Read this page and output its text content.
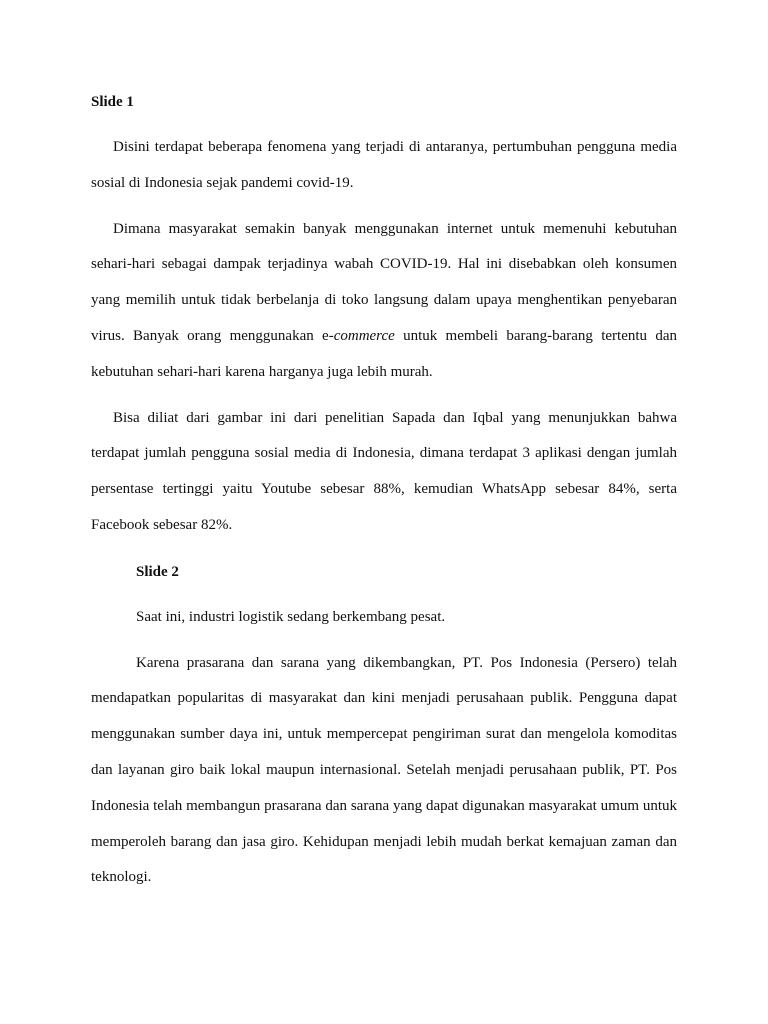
Slide 1

Disini terdapat beberapa fenomena yang terjadi di antaranya, pertumbuhan pengguna media sosial di Indonesia sejak pandemi covid-19.

Dimana masyarakat semakin banyak menggunakan internet untuk memenuhi kebutuhan sehari-hari sebagai dampak terjadinya wabah COVID-19. Hal ini disebabkan oleh konsumen yang memilih untuk tidak berbelanja di toko langsung dalam upaya menghentikan penyebaran virus. Banyak orang menggunakan e-commerce untuk membeli barang-barang tertentu dan kebutuhan sehari-hari karena harganya juga lebih murah.

Bisa diliat dari gambar ini dari penelitian Sapada dan Iqbal yang menunjukkan bahwa terdapat jumlah pengguna sosial media di Indonesia, dimana terdapat 3 aplikasi dengan jumlah persentase tertinggi yaitu Youtube sebesar 88%, kemudian WhatsApp sebesar 84%, serta Facebook sebesar 82%.

Slide 2

Saat ini, industri logistik sedang berkembang pesat.

Karena prasarana dan sarana yang dikembangkan, PT. Pos Indonesia (Persero) telah mendapatkan popularitas di masyarakat dan kini menjadi perusahaan publik. Pengguna dapat menggunakan sumber daya ini, untuk mempercepat pengiriman surat dan mengelola komoditas dan layanan giro baik lokal maupun internasional. Setelah menjadi perusahaan publik, PT. Pos Indonesia telah membangun prasarana dan sarana yang dapat digunakan masyarakat umum untuk memperoleh barang dan jasa giro. Kehidupan menjadi lebih mudah berkat kemajuan zaman dan teknologi.
